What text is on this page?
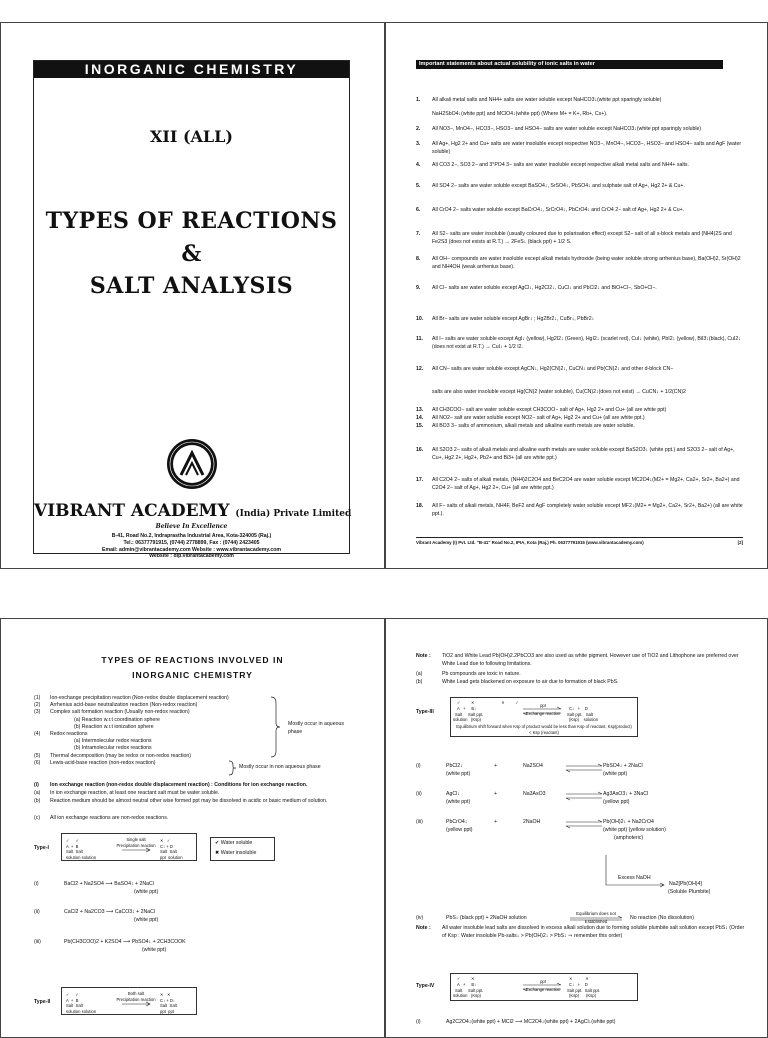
INORGANIC CHEMISTRY
XII (ALL)
TYPES OF REACTIONS
&
SALT ANALYSIS
VIBRANT ACADEMY (India) Private Limited
Believe In Excellence
B-41, Road No.2, Indraprastha Industrial Area, Kota-324005 (Raj.)
Tel.: 06377791915, (0744) 2778899, Fax : (0744) 2423405
Email: admin@vibrantacademy.com Website : www.vibrantacademy.com
Website : dlp.vibrantacademy.com
Important statements about actual solubility of ionic salts in water
1. All alkali metal salts and NH4+ salts are water soluble except NaHCO3↓(white ppt sparingly soluble)
NaH2SbO4↓(white ppt) and MClO4↓(white ppt) (Where M+ = K+, Rb+, Cs+).
2. All NO3−, MnO4−, HCO3−, HSO3− and HSO4− salts are water soluble except NaHCO3↓(white ppt sparingly soluble)
3. All Ag+, Hg2 2+ and Cu+ salts are water insoluble except respective NO3−, MnO4−, HCO3−, HSO3− and HSO4− salts and AgF (water soluble)
4. All CO3 2−, SO3 2− and 3°PO4 3− salts are water insoluble except respective alkali metal salts and NH4+ salts.
5. All SO4 2− salts are water soluble except BaSO4↓, SrSO4↓, PbSO4↓ and sulphate salt of Ag+, Hg2 2+ & Cu+.
6. All CrO4 2− salts water soluble except BaCrO4↓, SrCrO4↓, PbCrO4↓ and CrO4 2− salt of Ag+, Hg2 2+ & Cu+.
7. All S2− salts are water insoluble (usually coloured due to polarisation effect) except S2− salt of all s-block metals and (NH4)2S and Fe2S3 (does not exists at R.T.) → 2FeS↓ (black ppt) + 1/2 S.
8. All OH− compounds are water insoluble except alkali metals hydroxide (being water soluble strong arrhenius base), Ba(OH)2, Sr(OH)2 and NH4OH (weak arrhenius base).
9. All Cl− salts are water soluble except AgCl↓, Hg2Cl2↓, CuCl↓ and PbCl2↓ and BiO+Cl−, SbO+Cl−.
10. All Br− salts are water soluble except AgBr↓ ; Hg2Br2↓, CuBr↓, PbBr2↓
11. All I− salts are water soluble except AgI↓ (yellow), Hg2I2↓ (Green), HgI2↓ (scarlet red), CuI↓ (white), PbI2↓ (yellow), BiI3↓(black), CuI2↓ (does not exist at R.T.) → CuI↓ + 1/2 I2.
12. All CN− salts are water soluble except AgCN↓, Hg2(CN)2↓, CuCN↓ and Pb(CN)2↓ and other d-block CN−
salts are also water insoluble except Hg(CN)2 (water soluble), Cu(CN)2↓(does not exist) → CuCN↓ + 1/2(CN)2
13. All CH3COO− salt are water soluble except CH3COO− salt of Ag+, Hg2 2+ and Cu+ (all are white ppt)
14. All NO2− salt are water soluble except NO2− salt of Ag+, Hg2 2+ and Cu+ (all are white ppt.)
15. All BO3 3− salts of ammonium, alkali metals and alkaline earth metals are water soluble.
16. All S2O3 2− salts of alkali metals and alkaline earth metals are water soluble except BaS2O3↓ (white ppt.) and S2O3 2− salt of Ag+, Cu+, Hg2 2+, Hg2+, Pb2+ and Bi3+ (all are white ppt.)
17. All C2O4 2− salts of alkali metals, (NH4)2C2O4 and BeC2O4 are water soluble except MC2O4↓(M2+ = Mg2+, Ca2+, Sr2+, Ba2+) and C2O4 2− salt of Ag+, Hg2 2+, Cu+ (all are white ppt.)
18. All F− salts of alkali metals, NH4F, BeF2 and AgF completely water soluble except MF2↓(M2+ = Mg2+, Ca2+, Sr2+, Ba2+) (all are white ppt.).
Vibrant Academy (I) Pvt. Ltd. "B-41" Road No.2, IPIA, Kota (Raj.) Ph. 06377791915 (www.vibrantacademy.com)	[2]
TYPES OF REACTIONS INVOLVED IN
INORGANIC CHEMISTRY
(1) Ion-exchange precipitation reaction (Non-redox double displacement reaction)
(2) Arrhenius acid-base neutralization reaction (Non-redox reaction)
(3) Complex salt formation reaction (Usually non-redox reaction)
(a) Reaction w.r.t coordination sphere
(b) Reaction w.r.t ionization sphere
(4) Redox reactions
(a) Intermolecular redox reactions
(b) Intramolecular redox reactions
(5) Thermal decomposition (may be redox or non-redox reaction)
(6) Lewis-acid-base reaction (non-redox reaction)
Mostly occur in aqueous phase
Mostly occur in non aqueous phase
(i) Ion exchange reaction (non-redox double displacement reaction) : Conditions for ion exchange reaction.
(a) In ion exchange reaction, at least one reactant salt must be water soluble.
(b) Reaction medium should be almost neutral other wise formed ppt may be dissolved in acidic or basic medium of solution.
(c) All ion exchange reactions are non-redox reactions.
Type-I
✓     ✓
A  +  B
Salt  Salt
solution solution
Single salt Precipitation reaction
✕   ✓
C↓ + D
Salt  Salt
ppt  solution
✔ Water soluble
✖ Water insoluble
(i)	BaCl2 + Na2SO4 ⟶ BaSO4↓ + 2NaCl
(white ppt)
(ii)	CaCl2 + Na2CO3 ⟶ CaCO3↓ + 2NaCl
(white ppt)
(iii)	Pb(CH3COO)2 + K2SO4 ⟶ PbSO4↓ + 2CH3COOK
(white ppt)
Type-II
✓     ✓
A  +  B
Salt  Salt
solution solution
Both salt Precipitation reaction
✕   ✕
C↓ + D↓
Salt  Salt
ppt  ppt
Note : TiO2 and White Lead Pb(OH)2.2PbCO3 are also used as white pigment. However use of TiO2 and Lithophone are preferred over White Lead due to following limitations.
(a)	Pb compounds are toxic in nature.
(b)	White Lead gets blackened on exposure to air due to formation of black PbS.
Type-III
✓         ✕                       ✕         ✓
A   +     B↓
Salt     Salt ppt.
solution   (Ksp)
ppt
Exchange reaction
C↓   +    D
Salt ppt.   Salt
(Ksp)    solution
Equilibrium shift forward when Ksp of product would be less than Ksp of reactant, Ksp(product) < Ksp (reactant)
(i)	PbCl2↓
(white ppt)
+	Na2SO4	PbSO4↓ + 2NaCl
(white ppt)
(ii)	AgCl↓
(white ppt)
+	Na3AsO3	Ag3AsO3↓ + 3NaCl
(yellow ppt)
(iii)	PbCrO4↓
(yellow ppt)
+	2NaOH	Pb(OH)2↓ + Na2CrO4
(white ppt) (yellow solution)
(amphoteric)
Excess NaOH
Na2[Pb(OH)4]
(Soluble Plumbite)
(iv)	PbS↓ (black ppt) + 2NaOH solution
Equilibrium does not Established
No reaction (No dissolution)
Note : All water insoluble lead salts are dissolved in excess alkali solution due to forming soluble plumbite salt solution except PbS↓ (Order of Ksp : Water insoluble Pb-salts↓ > Pb(OH)2↓ > PbS↓ ⇒ remember this order)
Type-IV
✓         ✕
A   +     B↓
Salt     Salt ppt.
solution   (Ksp)
ppt
Exchange reaction
✕           ✕
C↓   +    D
Salt ppt.  Salt ppt.
(Ksp)      (Ksp)
(i)	Ag2C2O4↓(white ppt) + MCl2 ⟶ MC2O4↓(white ppt) + 2AgCl↓(white ppt)
